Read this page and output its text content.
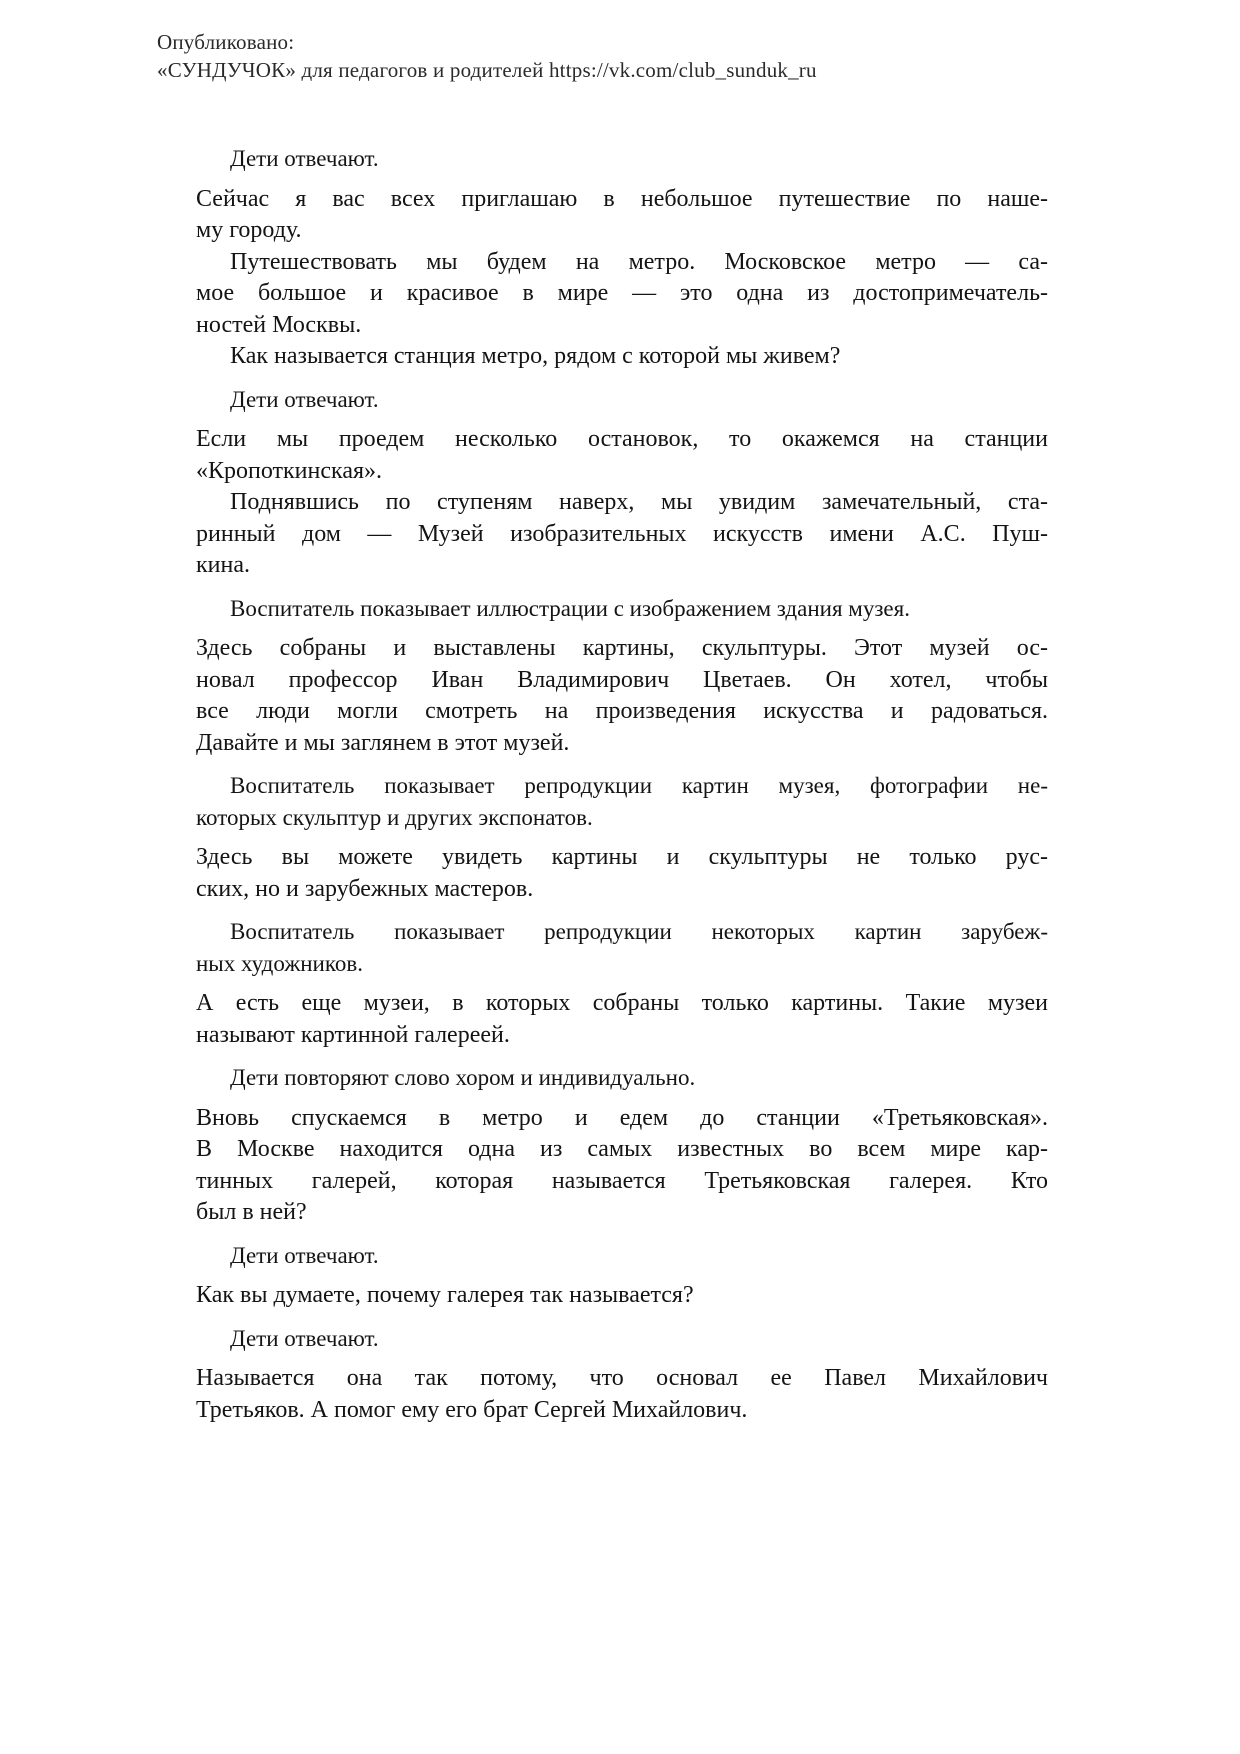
Опубликовано:
«СУНДУЧОК» для педагогов и родителей https://vk.com/club_sunduk_ru

Дети отвечают.

Сейчас я вас всех приглашаю в небольшое путешествие по наше-
му городу.

Путешествовать мы будем на метро. Московское метро — са-
мое большое и красивое в мире — это одна из достопримечатель-
ностей Москвы.

Как называется станция метро, рядом с которой мы живем?

Дети отвечают.

Если мы проедем несколько остановок, то окажемся на станции
«Кропоткинская».

Поднявшись по ступеням наверх, мы увидим замечательный, ста-
ринный дом — Музей изобразительных искусств имени А.С. Пуш-
кина.

Воспитатель показывает иллюстрации с изображением здания музея.

Здесь собраны и выставлены картины, скульптуры. Этот музей ос-
новал профессор Иван Владимирович Цветаев. Он хотел, чтобы
все люди могли смотреть на произведения искусства и радоваться.
Давайте и мы заглянем в этот музей.

Воспитатель показывает репродукции картин музея, фотографии не-
которых скульптур и других экспонатов.

Здесь вы можете увидеть картины и скульптуры не только рус-
ских, но и зарубежных мастеров.

Воспитатель показывает репродукции некоторых картин зарубеж-
ных художников.

А есть еще музеи, в которых собраны только картины. Такие музеи
называют картинной галереей.

Дети повторяют слово хором и индивидуально.

Вновь спускаемся в метро и едем до станции «Третьяковская».
В Москве находится одна из самых известных во всем мире кар-
тинных галерей, которая называется Третьяковская галерея. Кто
был в ней?

Дети отвечают.

Как вы думаете, почему галерея так называется?

Дети отвечают.

Называется она так потому, что основал ее Павел Михайлович
Третьяков. А помог ему его брат Сергей Михайлович.
